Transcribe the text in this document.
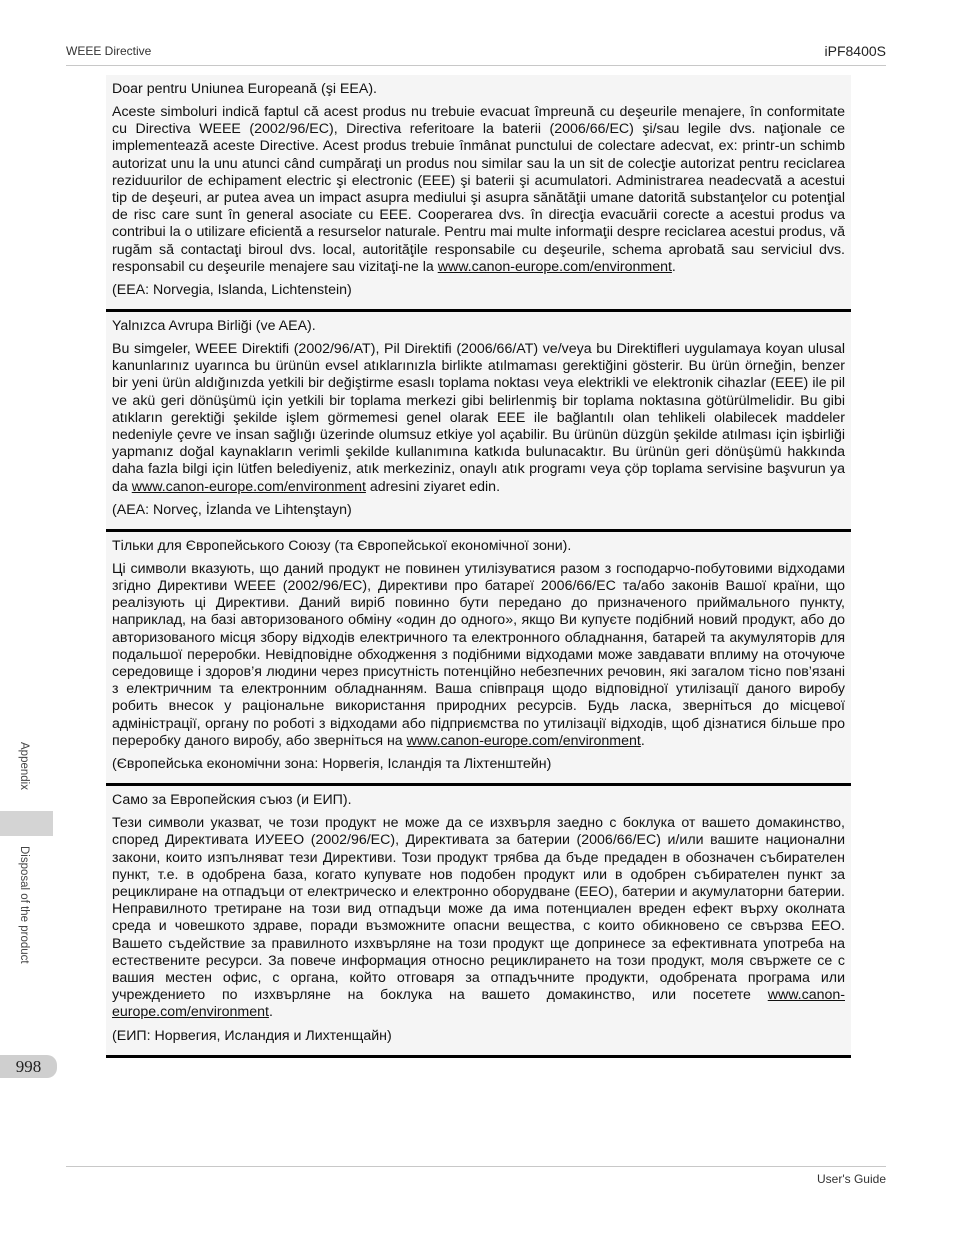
WEEE Directive	iPF8400S

Doar pentru Uniunea Europeană (şi EEA).

Aceste simboluri indică faptul că acest produs nu trebuie evacuat împreună cu deşeurile menajere, în conformitate cu Directiva WEEE (2002/96/EC), Directiva referitoare la baterii (2006/66/EC) şi/sau legile dvs. naţionale ce implementează aceste Directive. Acest produs trebuie înmânat punctului de colectare adecvat, ex: printr-un schimb autorizat unu la unu atunci când cumpăraţi un produs nou similar sau la un sit de colecţie autorizat pentru reciclarea reziduurilor de echipament electric şi electronic (EEE) şi baterii şi acumulatori. Administrarea neadecvată a acestui tip de deşeuri, ar putea avea un impact asupra mediului şi asupra sănătăţii umane datorită substanţelor cu potenţial de risc care sunt în general asociate cu EEE. Cooperarea dvs. în direcţia evacuării corecte a acestui produs va contribui la o utilizare eficientă a resurselor naturale. Pentru mai multe informaţii despre reciclarea acestui produs, vă rugăm să contactaţi biroul dvs. local, autorităţile responsabile cu deşeurile, schema aprobată sau serviciul dvs. responsabil cu deşeurile menajere sau vizitaţi-ne la www.canon-europe.com/environment.

(EEA: Norvegia, Islanda, Lichtenstein)

Yalnızca Avrupa Birliği (ve AEA).

Bu simgeler, WEEE Direktifi (2002/96/AT), Pil Direktifi (2006/66/AT) ve/veya bu Direktifleri uygulamaya koyan ulusal kanunlarınız uyarınca bu ürünün evsel atıklarınızla birlikte atılmaması gerektiğini gösterir. Bu ürün örneğin, benzer bir yeni ürün aldığınızda yetkili bir değiştirme esaslı toplama noktası veya elektrikli ve elektronik cihazlar (EEE) ile pil ve akü geri dönüşümü için yetkili bir toplama merkezi gibi belirlenmiş bir toplama noktasına götürülmelidir. Bu gibi atıkların gerektiği şekilde işlem görmemesi genel olarak EEE ile bağlantılı olan tehlikeli olabilecek maddeler nedeniyle çevre ve insan sağlığı üzerinde olumsuz etkiye yol açabilir. Bu ürünün düzgün şekilde atılması için işbirliği yapmanız doğal kaynakların verimli şekilde kullanımına katkıda bulunacaktır. Bu ürünün geri dönüşümü hakkında daha fazla bilgi için lütfen belediyeniz, atık merkeziniz, onaylı atık programı veya çöp toplama servisine başvurun ya da www.canon-europe.com/environment adresini ziyaret edin.

(AEA: Norveç, İzlanda ve Lihtenştayn)

Тільки для Європейського Союзу (та Європейської економічної зони).

Ці символи вказують, що даний продукт не повинен утилізуватися разом з господарчо-побутовими відходами згідно Директиви WEEE (2002/96/EC), Директиви про батареї 2006/66/EC та/або законів Вашої країни, що реалізують ці Директиви. Даний виріб повинно бути передано до призначеного приймального пункту, наприклад, на базі авторизованого обміну «один до одного», якщо Ви купуєте подібний новий продукт, або до авторизованого місця збору відходів електричного та електронного обладнання, батарей та акумуляторів для подальшої переробки. Невідповідне обходження з подібними відходами може завдавати вплиму на оточуюче середовище і здоров’я людини через присутність потенційно небезпечних речовин, які загалом тісно пов’язані з електричним та електронним обладнанням. Ваша співпраця щодо відповідної утилізації даного виробу робить внесок у раціональне використання природних ресурсів. Будь ласка, зверніться до місцевої адміністрації, органу по роботі з відходами або підприємства по утилізації відходів, щоб дізнатися більше про переробку даного виробу, або зверніться на www.canon-europe.com/environment.

(Європейська економічни зона: Норвегія, Ісландія та Ліхтенштейн)

Само за Европейския съюз (и ЕИП).

Тези символи указват, че този продукт не може да се изхвърля заедно с боклука от вашето домакинство, според Директивата ИУЕЕО (2002/96/EC), Директивата за батерии (2006/66/EC) и/или вашите национални закони, които изпълняват тези Директиви. Този продукт трябва да бъде предаден в обозначен събирателен пункт, т.е. в одобрена база, когато купувате нов подобен продукт или в одобрен събирателен пункт за рециклиране на отпадъци от електрическо и електронно оборудване (ЕЕО), батерии и акумулаторни батерии. Неправилното третиране на този вид отпадъци може да има потенциален вреден ефект върху околната среда и човешкото здраве, поради възможните опасни вещества, с които обикновено се свързва ЕЕО. Вашето съдействие за правилното изхвърляне на този продукт ще допринесе за ефективната употреба на естествените ресурси. За повече информация относно рециклирането на този продукт, моля свържете се с вашия местен офис, с органа, който отговаря за отпадъчните продукти, одобрената програма или учреждението по изхвърляне на боклука на вашето домакинство, или посетете www.canon-europe.com/environment.

(ЕИП: Норвегия, Исландия и Лихтенщайн)

Appendix
Disposal of the product
998
User's Guide
